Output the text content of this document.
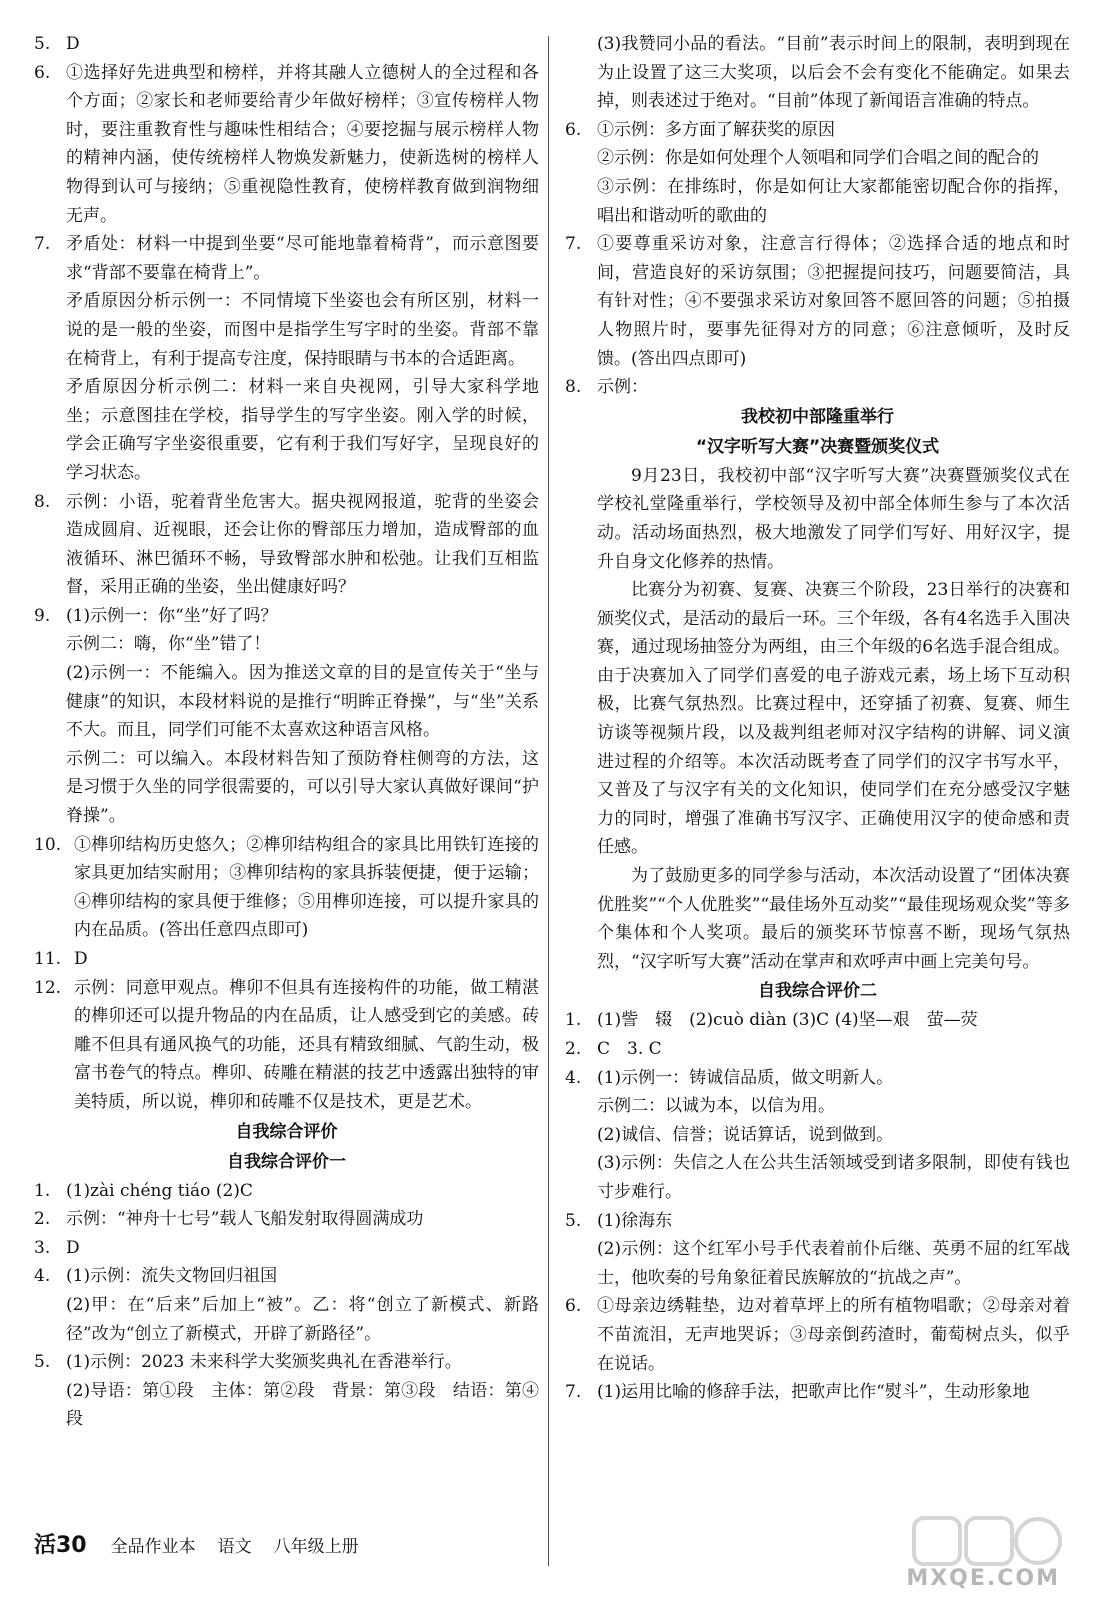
5. D

6. ①选择好先进典型和榜样，并将其融人立德树人的全过程和各个方面；②家长和老师要给青少年做好榜样；③宣传榜样人物时，要注重教育性与趣味性相结合；④要挖掘与展示榜样人物的精神内涵，使传统榜样人物焕发新魅力，使新选树的榜样人物得到认可与接纳；⑤重视隐性教育，使榜样教育做到润物细无声。

7. 矛盾处：材料一中提到坐要“尽可能地靠着椅背”，而示意图要求“背部不要靠在椅背上”。

矛盾原因分析示例一：不同情境下坐姿也会有所区别，材料一说的是一般的坐姿，而图中是指学生写字时的坐姿。背部不靠在椅背上，有利于提高专注度，保持眼睛与书本的合适距离。

矛盾原因分析示例二：材料一来自央视网，引导大家科学地坐；示意图挂在学校，指导学生的写字坐姿。刚入学的时候，学会正确写字坐姿很重要，它有利于我们写好字，呈现良好的学习状态。

8. 示例：小语，驼着背坐危害大。据央视网报道，驼背的坐姿会造成圆肩、近视眼，还会让你的臀部压力增加，造成臀部的血液循环、淋巴循环不畅，导致臀部水肿和松弛。让我们互相监督，采用正确的坐姿，坐出健康好吗？

9. (1)示例一：你“坐”好了吗？

示例二：嗨，你“坐”错了！

(2)示例一：不能编入。因为推送文章的目的是宣传关于“坐与健康”的知识，本段材料说的是推行“明眸正脊操”，与“坐”关系不大。而且，同学们可能不太喜欢这种语言风格。

示例二：可以编入。本段材料告知了预防脊柱侧弯的方法，这是习惯于久坐的同学很需要的，可以引导大家认真做好课间“护脊操”。

10. ①榫卯结构历史悠久；②榫卯结构组合的家具比用铁钉连接的家具更加结实耐用；③榫卯结构的家具拆装便捷，便于运输；④榫卯结构的家具便于维修；⑤用榫卯连接，可以提升家具的内在品质。(答出任意四点即可)

11. D

12. 示例：同意甲观点。榫卯不但具有连接构件的功能，做工精湛的榫卯还可以提升物品的内在品质，让人感受到它的美感。砖雕不但具有通风换气的功能，还具有精致细腻、气韵生动，极富书卷气的特点。榫卯、砖雕在精湛的技艺中透露出独特的审美特质，所以说，榫卯和砖雕不仅是技术，更是艺术。

自我综合评价
自我综合评价一
1. (1)zài chéng tiáo (2)C

2. 示例：“神舟十七号”载人飞船发射取得圆满成功

3. D

4. (1)示例：流失文物回归祖国

(2)甲：在“后来”后加上“被”。乙：将“创立了新模式、新路径”改为“创立了新模式，开辟了新路径”。

5. (1)示例：2023 未来科学大奖颁奖典礼在香港举行。

(2)导语：第①段　主体：第②段　背景：第③段　结语：第④段

(3)我赞同小品的看法。“目前”表示时间上的限制，表明到现在为止设置了这三大奖项，以后会不会有变化不能确定。如果去掉，则表述过于绝对。“目前”体现了新闻语言准确的特点。

6. ①示例：多方面了解获奖的原因

②示例：你是如何处理个人领唱和同学们合唱之间的配合的

③示例：在排练时，你是如何让大家都能密切配合你的指挥，唱出和谐动听的歌曲的

7. ①要尊重采访对象，注意言行得体；②选择合适的地点和时间，营造良好的采访氛围；③把握提问技巧，问题要简洁，具有针对性；④不要强求采访对象回答不愿回答的问题；⑤拍摄人物照片时，要事先征得对方的同意；⑥注意倾听，及时反馈。(答出四点即可)

8. 示例：

我校初中部隆重举行
“汉字听写大赛”决赛暨颁奖仪式

9月23日，我校初中部“汉字听写大赛”决赛暨颁奖仪式在学校礼堂隆重举行，学校领导及初中部全体师生参与了本次活动。活动场面热烈，极大地激发了同学们写好、用好汉字，提升自身文化修养的热情。

比赛分为初赛、复赛、决赛三个阶段，23日举行的决赛和颁奖仪式，是活动的最后一环。三个年级，各有4名选手入围决赛，通过现场抽签分为两组，由三个年级的6名选手混合组成。由于决赛加入了同学们喜爱的电子游戏元素，场上场下互动积极，比赛气氛热烈。比赛过程中，还穿插了初赛、复赛、师生访谈等视频片段，以及裁判组老师对汉字结构的讲解、词义演进过程的介绍等。本次活动既考查了同学们的汉字书写水平，又普及了与汉字有关的文化知识，使同学们在充分感受汉字魅力的同时，增强了准确书写汉字、正确使用汉字的使命感和责任感。

为了鼓励更多的同学参与活动，本次活动设置了“团体决赛优胜奖”“个人优胜奖”“最佳场外互动奖”“最佳现场观众奖”等多个集体和个人奖项。最后的颁奖环节惊喜不断，现场气氛热烈，“汉字听写大赛”活动在掌声和欢呼声中画上完美句号。

自我综合评价二
1. (1)訾　辍　(2)cuò diàn (3)C (4)坚—艰　萤—荧

2. C　3. C

4. (1)示例一：铸诚信品质，做文明新人。

示例二：以诚为本，以信为用。

(2)诚信、信誉；说话算话，说到做到。

(3)示例：失信之人在公共生活领域受到诸多限制，即使有钱也寸步难行。

5. (1)徐海东

(2)示例：这个红军小号手代表着前仆后继、英勇不屈的红军战士，他吹奏的号角象征着民族解放的“抗战之声”。

6. ①母亲边绣鞋垫，边对着草坪上的所有植物唱歌；②母亲对着不苗流泪，无声地哭诉；③母亲倒药渣时，葡萄树点头，似乎在说话。

7. (1)运用比喻的修辞手法，把歌声比作“熨斗”，生动形象地

活30 全品作业本 语文 八年级上册
MXQE.COM
